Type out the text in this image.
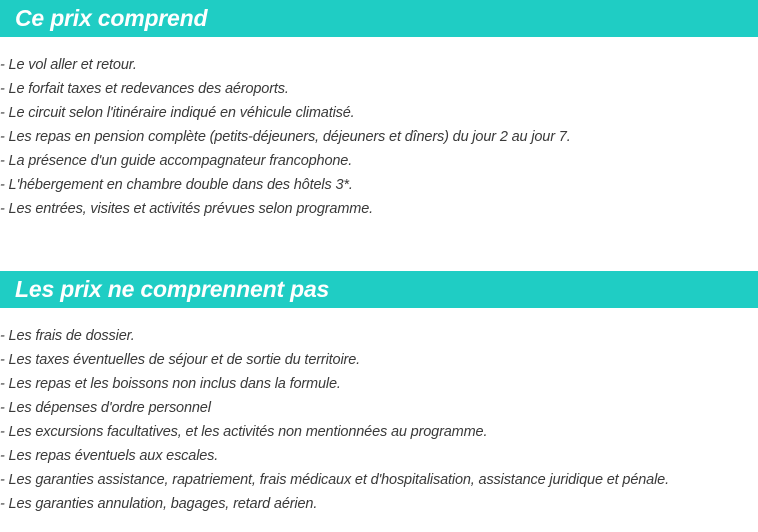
Ce prix comprend
- Le vol aller et retour.
- Le forfait taxes et redevances des aéroports.
- Le circuit selon l'itinéraire indiqué en véhicule climatisé.
- Les repas en pension complète (petits-déjeuners, déjeuners et dîners) du jour 2 au jour 7.
- La présence d'un guide accompagnateur francophone.
- L'hébergement en chambre double dans des hôtels 3*.
- Les entrées, visites et activités prévues selon programme.
Les prix ne comprennent pas
- Les frais de dossier.
- Les taxes éventuelles de séjour et de sortie du territoire.
- Les repas et les boissons non inclus dans la formule.
- Les dépenses d'ordre personnel
- Les excursions facultatives, et les activités non mentionnées au programme.
- Les repas éventuels aux escales.
- Les garanties assistance, rapatriement, frais médicaux et d'hospitalisation, assistance juridique et pénale.
- Les garanties annulation, bagages, retard aérien.
